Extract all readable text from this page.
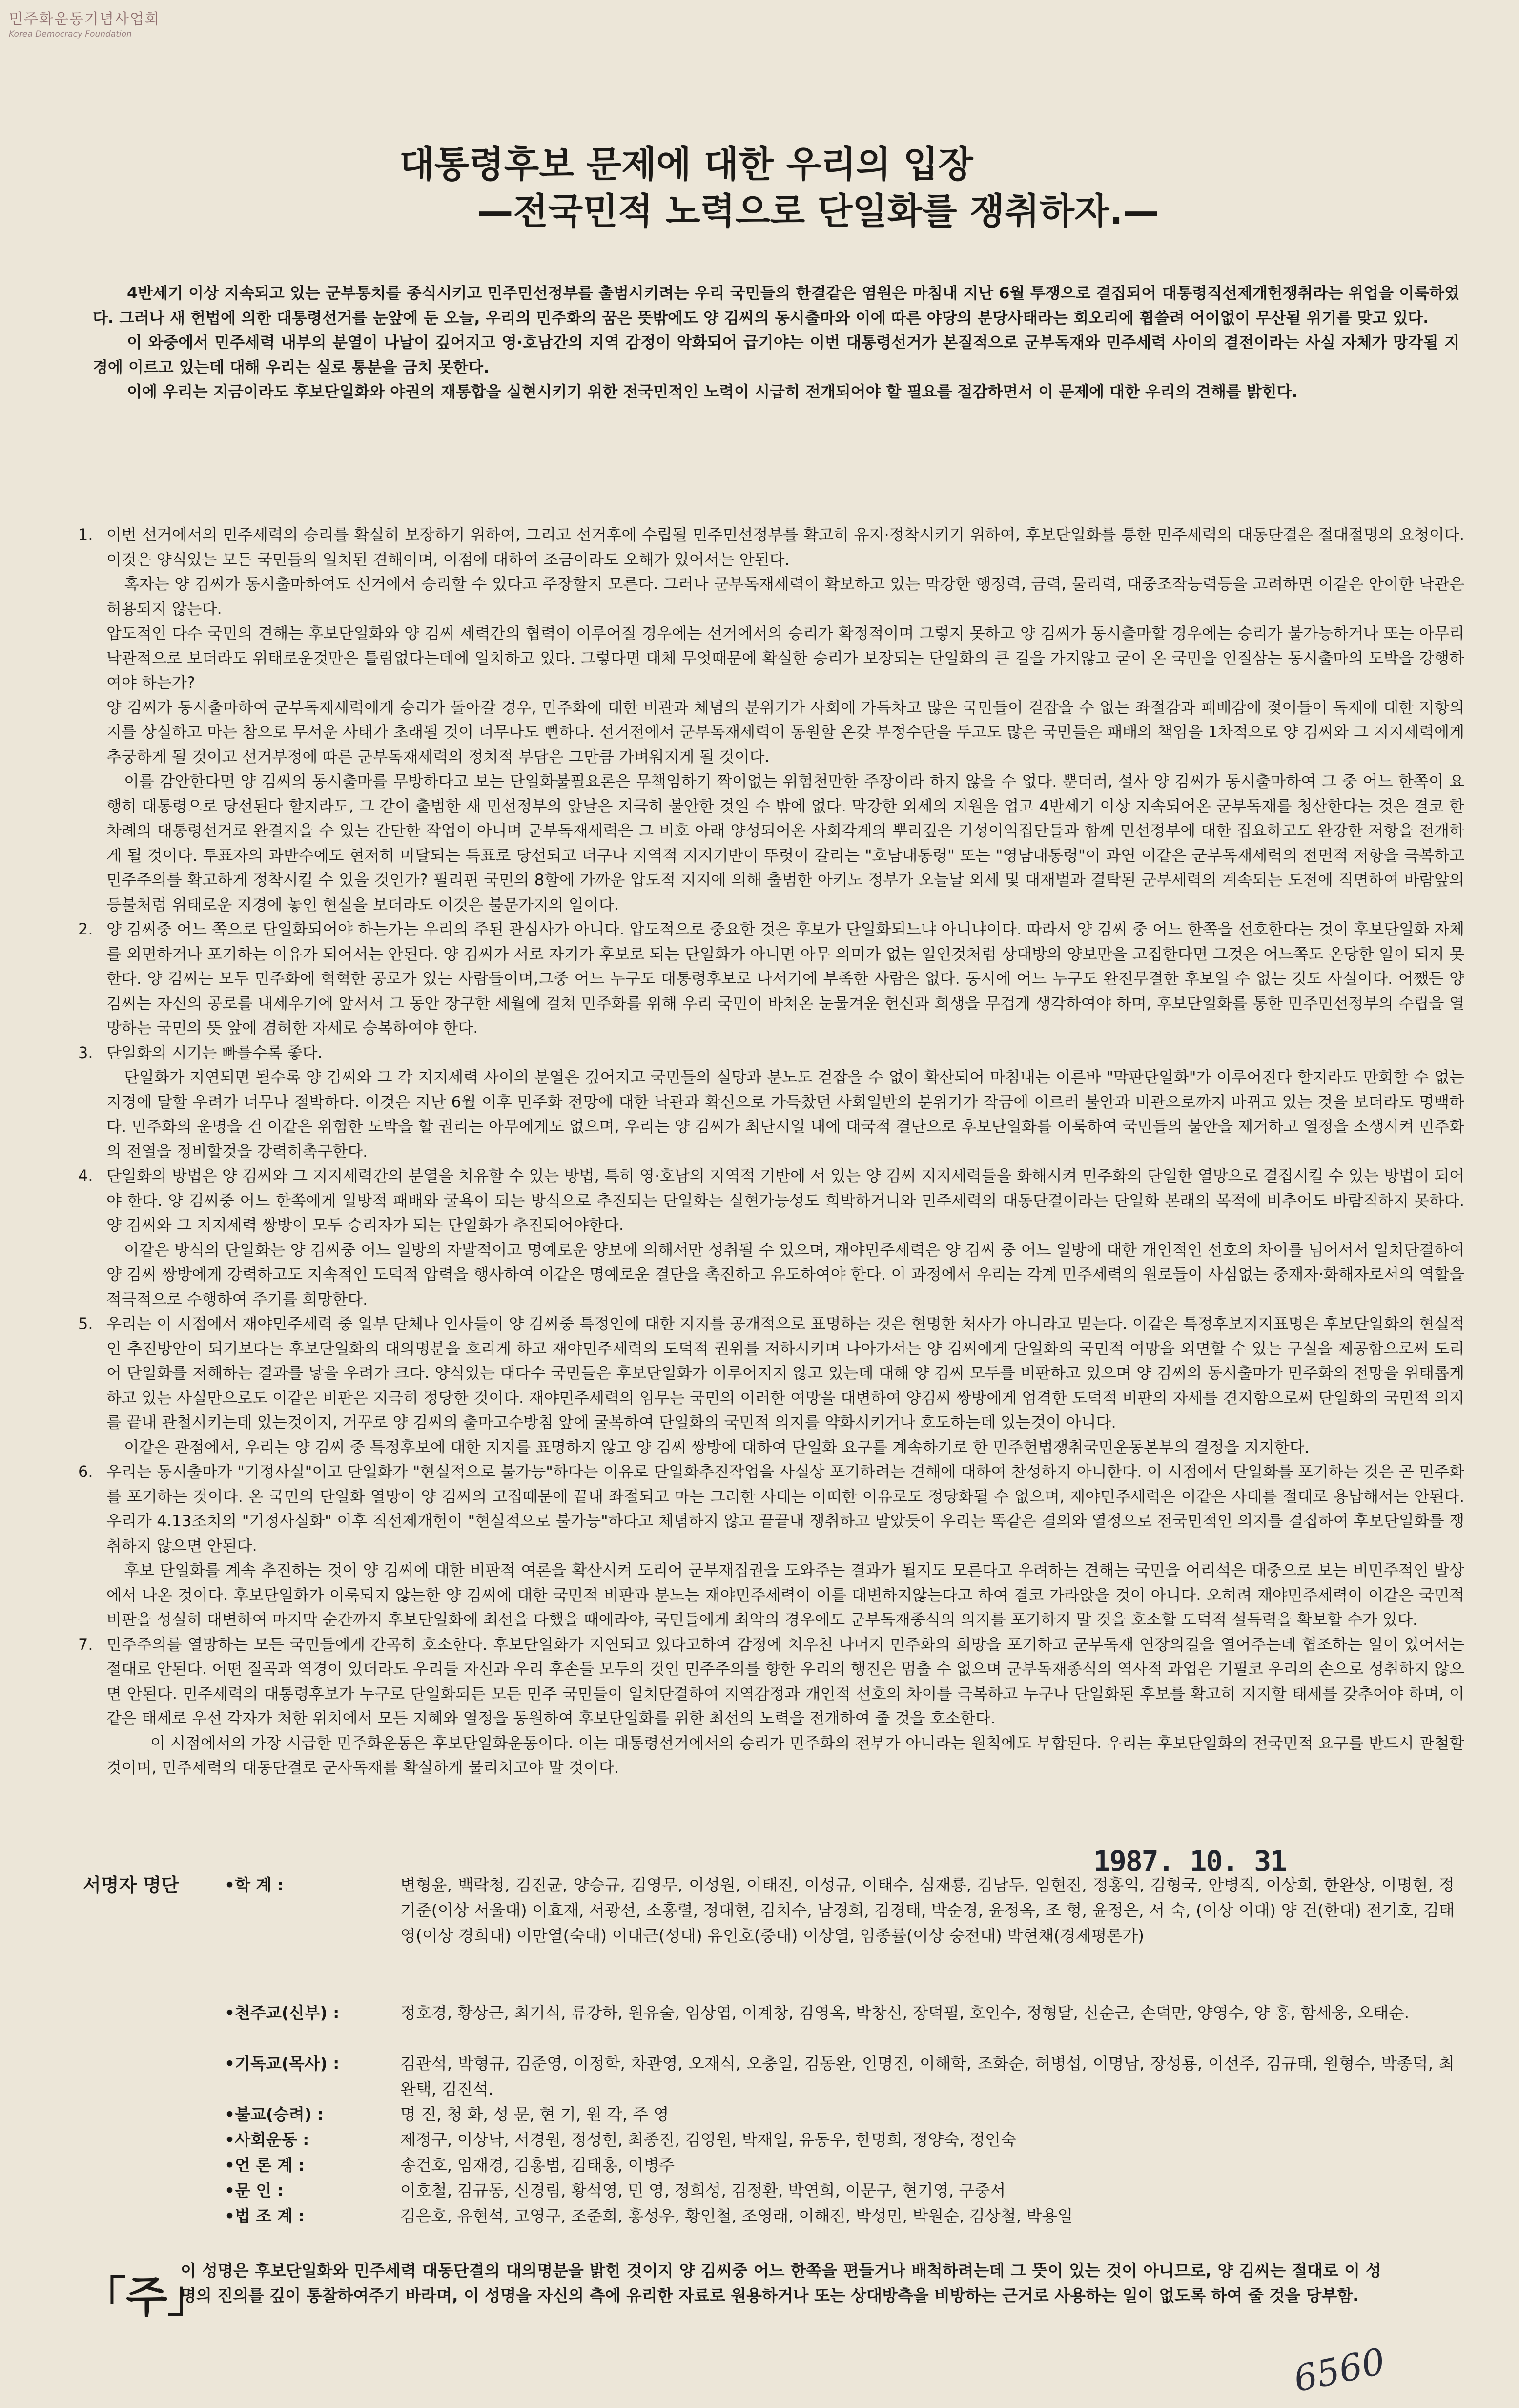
민주화운동기념사업회
Korea Democracy Foundation
대통령후보 문제에 대한 우리의 입장
—전국민적 노력으로 단일화를 쟁취하자.—

4반세기 이상 지속되고 있는 군부통치를 종식시키고 민주민선정부를 출범시키려는 우리 국민들의 한결같은 염원은 마침내 지난 6월 투쟁으로 결집되어 대통령직선제개헌쟁취라는 위업을 이룩하였다. 그러나 새 헌법에 의한 대통령선거를 눈앞에 둔 오늘, 우리의 민주화의 꿈은 뜻밖에도 양 김씨의 동시출마와 이에 따른 야당의 분당사태라는 회오리에 휩쓸려 어이없이 무산될 위기를 맞고 있다.

이 와중에서 민주세력 내부의 분열이 나날이 깊어지고 영·호남간의 지역 감정이 악화되어 급기야는 이번 대통령선거가 본질적으로 군부독재와 민주세력 사이의 결전이라는 사실 자체가 망각될 지경에 이르고 있는데 대해 우리는 실로 통분을 금치 못한다.

이에 우리는 지금이라도 후보단일화와 야권의 재통합을 실현시키기 위한 전국민적인 노력이 시급히 전개되어야 할 필요를 절감하면서 이 문제에 대한 우리의 견해를 밝힌다.

1. 이번 선거에서의 민주세력의 승리를 확실히 보장하기 위하여, 그리고 선거후에 수립될 민주민선정부를 확고히 유지·정착시키기 위하여, 후보단일화를 통한 민주세력의 대동단결은 절대절명의 요청이다. 이것은 양식있는 모든 국민들의 일치된 견해이며, 이점에 대하여 조금이라도 오해가 있어서는 안된다.

혹자는 양 김씨가 동시출마하여도 선거에서 승리할 수 있다고 주장할지 모른다. 그러나 군부독재세력이 확보하고 있는 막강한 행정력, 금력, 물리력, 대중조작능력등을 고려하면 이같은 안이한 낙관은 허용되지 않는다.

압도적인 다수 국민의 견해는 후보단일화와 양 김씨 세력간의 협력이 이루어질 경우에는 선거에서의 승리가 확정적이며 그렇지 못하고 양 김씨가 동시출마할 경우에는 승리가 불가능하거나 또는 아무리 낙관적으로 보더라도 위태로운것만은 틀림없다는데에 일치하고 있다. 그렇다면 대체 무엇때문에 확실한 승리가 보장되는 단일화의 큰 길을 가지않고 굳이 온 국민을 인질삼는 동시출마의 도박을 강행하여야 하는가?

양 김씨가 동시출마하여 군부독재세력에게 승리가 돌아갈 경우, 민주화에 대한 비관과 체념의 분위기가 사회에 가득차고 많은 국민들이 걷잡을 수 없는 좌절감과 패배감에 젖어들어 독재에 대한 저항의지를 상실하고 마는 참으로 무서운 사태가 초래될 것이 너무나도 뻔하다. 선거전에서 군부독재세력이 동원할 온갖 부정수단을 두고도 많은 국민들은 패배의 책임을 1차적으로 양 김씨와 그 지지세력에게 추궁하게 될 것이고 선거부정에 따른 군부독재세력의 정치적 부담은 그만큼 가벼워지게 될 것이다.

이를 감안한다면 양 김씨의 동시출마를 무방하다고 보는 단일화불필요론은 무책임하기 짝이없는 위험천만한 주장이라 하지 않을 수 없다. 뿐더러, 설사 양 김씨가 동시출마하여 그 중 어느 한쪽이 요행히 대통령으로 당선된다 할지라도, 그 같이 출범한 새 민선정부의 앞날은 지극히 불안한 것일 수 밖에 없다. 막강한 외세의 지원을 업고 4반세기 이상 지속되어온 군부독재를 청산한다는 것은 결코 한 차례의 대통령선거로 완결지을 수 있는 간단한 작업이 아니며 군부독재세력은 그 비호 아래 양성되어온 사회각계의 뿌리깊은 기성이익집단들과 함께 민선정부에 대한 집요하고도 완강한 저항을 전개하게 될 것이다. 투표자의 과반수에도 현저히 미달되는 득표로 당선되고 더구나 지역적 지지기반이 뚜렷이 갈리는 "호남대통령" 또는 "영남대통령"이 과연 이같은 군부독재세력의 전면적 저항을 극복하고 민주주의를 확고하게 정착시킬 수 있을 것인가? 필리핀 국민의 8할에 가까운 압도적 지지에 의해 출범한 아키노 정부가 오늘날 외세 및 대재벌과 결탁된 군부세력의 계속되는 도전에 직면하여 바람앞의 등불처럼 위태로운 지경에 놓인 현실을 보더라도 이것은 불문가지의 일이다.

2. 양 김씨중 어느 쪽으로 단일화되어야 하는가는 우리의 주된 관심사가 아니다. 압도적으로 중요한 것은 후보가 단일화되느냐 아니냐이다. 따라서 양 김씨 중 어느 한쪽을 선호한다는 것이 후보단일화 자체를 외면하거나 포기하는 이유가 되어서는 안된다. 양 김씨가 서로 자기가 후보로 되는 단일화가 아니면 아무 의미가 없는 일인것처럼 상대방의 양보만을 고집한다면 그것은 어느쪽도 온당한 일이 되지 못한다. 양 김씨는 모두 민주화에 혁혁한 공로가 있는 사람들이며,그중 어느 누구도 대통령후보로 나서기에 부족한 사람은 없다. 동시에 어느 누구도 완전무결한 후보일 수 없는 것도 사실이다. 어쨌든 양 김씨는 자신의 공로를 내세우기에 앞서서 그 동안 장구한 세월에 걸쳐 민주화를 위해 우리 국민이 바쳐온 눈물겨운 헌신과 희생을 무겁게 생각하여야 하며, 후보단일화를 통한 민주민선정부의 수립을 열망하는 국민의 뜻 앞에 겸허한 자세로 승복하여야 한다.

3. 단일화의 시기는 빠를수록 좋다.

단일화가 지연되면 될수록 양 김씨와 그 각 지지세력 사이의 분열은 깊어지고 국민들의 실망과 분노도 걷잡을 수 없이 확산되어 마침내는 이른바 "막판단일화"가 이루어진다 할지라도 만회할 수 없는 지경에 달할 우려가 너무나 절박하다. 이것은 지난 6월 이후 민주화 전망에 대한 낙관과 확신으로 가득찼던 사회일반의 분위기가 작금에 이르러 불안과 비관으로까지 바뀌고 있는 것을 보더라도 명백하다. 민주화의 운명을 건 이같은 위험한 도박을 할 권리는 아무에게도 없으며, 우리는 양 김씨가 최단시일 내에 대국적 결단으로 후보단일화를 이룩하여 국민들의 불안을 제거하고 열정을 소생시켜 민주화의 전열을 정비할것을 강력히촉구한다.

4. 단일화의 방법은 양 김씨와 그 지지세력간의 분열을 치유할 수 있는 방법, 특히 영·호남의 지역적 기반에 서 있는 양 김씨 지지세력들을 화해시켜 민주화의 단일한 열망으로 결집시킬 수 있는 방법이 되어야 한다. 양 김씨중 어느 한쪽에게 일방적 패배와 굴욕이 되는 방식으로 추진되는 단일화는 실현가능성도 희박하거니와 민주세력의 대동단결이라는 단일화 본래의 목적에 비추어도 바람직하지 못하다. 양 김씨와 그 지지세력 쌍방이 모두 승리자가 되는 단일화가 추진되어야한다.

이같은 방식의 단일화는 양 김씨중 어느 일방의 자발적이고 명예로운 양보에 의해서만 성취될 수 있으며, 재야민주세력은 양 김씨 중 어느 일방에 대한 개인적인 선호의 차이를 넘어서서 일치단결하여 양 김씨 쌍방에게 강력하고도 지속적인 도덕적 압력을 행사하여 이같은 명예로운 결단을 촉진하고 유도하여야 한다. 이 과정에서 우리는 각계 민주세력의 원로들이 사심없는 중재자·화해자로서의 역할을 적극적으로 수행하여 주기를 희망한다.

5. 우리는 이 시점에서 재야민주세력 중 일부 단체나 인사들이 양 김씨중 특정인에 대한 지지를 공개적으로 표명하는 것은 현명한 처사가 아니라고 믿는다. 이같은 특정후보지지표명은 후보단일화의 현실적인 추진방안이 되기보다는 후보단일화의 대의명분을 흐리게 하고 재야민주세력의 도덕적 권위를 저하시키며 나아가서는 양 김씨에게 단일화의 국민적 여망을 외면할 수 있는 구실을 제공함으로써 도리어 단일화를 저해하는 결과를 낳을 우려가 크다. 양식있는 대다수 국민들은 후보단일화가 이루어지지 않고 있는데 대해 양 김씨 모두를 비판하고 있으며 양 김씨의 동시출마가 민주화의 전망을 위태롭게 하고 있는 사실만으로도 이같은 비판은 지극히 정당한 것이다. 재야민주세력의 임무는 국민의 이러한 여망을 대변하여 양김씨 쌍방에게 엄격한 도덕적 비판의 자세를 견지함으로써 단일화의 국민적 의지를 끝내 관철시키는데 있는것이지, 거꾸로 양 김씨의 출마고수방침 앞에 굴복하여 단일화의 국민적 의지를 약화시키거나 호도하는데 있는것이 아니다.

이같은 관점에서, 우리는 양 김씨 중 특정후보에 대한 지지를 표명하지 않고 양 김씨 쌍방에 대하여 단일화 요구를 계속하기로 한 민주헌법쟁취국민운동본부의 결정을 지지한다.

6. 우리는 동시출마가 "기정사실"이고 단일화가 "현실적으로 불가능"하다는 이유로 단일화추진작업을 사실상 포기하려는 견해에 대하여 찬성하지 아니한다. 이 시점에서 단일화를 포기하는 것은 곧 민주화를 포기하는 것이다. 온 국민의 단일화 열망이 양 김씨의 고집때문에 끝내 좌절되고 마는 그러한 사태는 어떠한 이유로도 정당화될 수 없으며, 재야민주세력은 이같은 사태를 절대로 용납해서는 안된다. 우리가 4.13조치의 "기정사실화" 이후 직선제개헌이 "현실적으로 불가능"하다고 체념하지 않고 끝끝내 쟁취하고 말았듯이 우리는 똑같은 결의와 열정으로 전국민적인 의지를 결집하여 후보단일화를 쟁취하지 않으면 안된다.

후보 단일화를 계속 추진하는 것이 양 김씨에 대한 비판적 여론을 확산시켜 도리어 군부재집권을 도와주는 결과가 될지도 모른다고 우려하는 견해는 국민을 어리석은 대중으로 보는 비민주적인 발상에서 나온 것이다. 후보단일화가 이룩되지 않는한 양 김씨에 대한 국민적 비판과 분노는 재야민주세력이 이를 대변하지않는다고 하여 결코 가라앉을 것이 아니다. 오히려 재야민주세력이 이같은 국민적 비판을 성실히 대변하여 마지막 순간까지 후보단일화에 최선을 다했을 때에라야, 국민들에게 최악의 경우에도 군부독재종식의 의지를 포기하지 말 것을 호소할 도덕적 설득력을 확보할 수가 있다.

7. 민주주의를 열망하는 모든 국민들에게 간곡히 호소한다. 후보단일화가 지연되고 있다고하여 감정에 치우친 나머지 민주화의 희망을 포기하고 군부독재 연장의길을 열어주는데 협조하는 일이 있어서는 절대로 안된다. 어떤 질곡과 역경이 있더라도 우리들 자신과 우리 후손들 모두의 것인 민주주의를 향한 우리의 행진은 멈출 수 없으며 군부독재종식의 역사적 과업은 기필코 우리의 손으로 성취하지 않으면 안된다. 민주세력의 대통령후보가 누구로 단일화되든 모든 민주 국민들이 일치단결하여 지역감정과 개인적 선호의 차이를 극복하고 누구나 단일화된 후보를 확고히 지지할 태세를 갖추어야 하며, 이같은 태세로 우선 각자가 처한 위치에서 모든 지혜와 열정을 동원하여 후보단일화를 위한 최선의 노력을 전개하여 줄 것을 호소한다.

이 시점에서의 가장 시급한 민주화운동은 후보단일화운동이다. 이는 대통령선거에서의 승리가 민주화의 전부가 아니라는 원칙에도 부합된다. 우리는 후보단일화의 전국민적 요구를 반드시 관철할 것이며, 민주세력의 대동단결로 군사독재를 확실하게 물리치고야 말 것이다.

1987. 10. 31
서명자 명단	•학 계 :	변형윤, 백락청, 김진균, 양승규, 김영무, 이성원, 이태진, 이성규, 이태수, 심재룡, 김남두, 임현진, 정홍익, 김형국, 안병직, 이상희, 한완상, 이명현, 정기준(이상 서울대) 이효재, 서광선, 소홍렬, 정대현, 김치수, 남경희, 김경태, 박순경, 윤정옥, 조 형, 윤정은, 서 숙, (이상 이대) 양 건(한대) 전기호, 김태영(이상 경희대) 이만열(숙대) 이대근(성대) 유인호(중대) 이상열, 임종률(이상 숭전대) 박현채(경제평론가)
•천주교(신부) :	정호경, 황상근, 최기식, 류강하, 원유술, 임상엽, 이계창, 김영옥, 박창신, 장덕필, 호인수, 정형달, 신순근, 손덕만, 양영수, 양 홍, 함세웅, 오태순.
•기독교(목사) :	김관석, 박형규, 김준영, 이정학, 차관영, 오재식, 오충일, 김동완, 인명진, 이해학, 조화순, 허병섭, 이명남, 장성룡, 이선주, 김규태, 원형수, 박종덕, 최완택, 김진석.
•불교(승려) :	명 진, 청 화, 성 문, 현 기, 원 각, 주 영
•사회운동 :	제정구, 이상낙, 서경원, 정성헌, 최종진, 김영원, 박재일, 유동우, 한명희, 정양숙, 정인숙
•언 론 계 :	송건호, 임재경, 김홍범, 김태홍, 이병주
•문 인 :	이호철, 김규동, 신경림, 황석영, 민 영, 정희성, 김정환, 박연희, 이문구, 현기영, 구중서
•법 조 계 :	김은호, 유현석, 고영구, 조준희, 홍성우, 황인철, 조영래, 이해진, 박성민, 박원순, 김상철, 박용일
「주」
이 성명은 후보단일화와 민주세력 대동단결의 대의명분을 밝힌 것이지 양 김씨중 어느 한쪽을 편들거나 배척하려는데 그 뜻이 있는 것이 아니므로, 양 김씨는 절대로 이 성명의 진의를 깊이 통찰하여주기 바라며, 이 성명을 자신의 측에 유리한 자료로 원용하거나 또는 상대방측을 비방하는 근거로 사용하는 일이 없도록 하여 줄 것을 당부함.
6560
